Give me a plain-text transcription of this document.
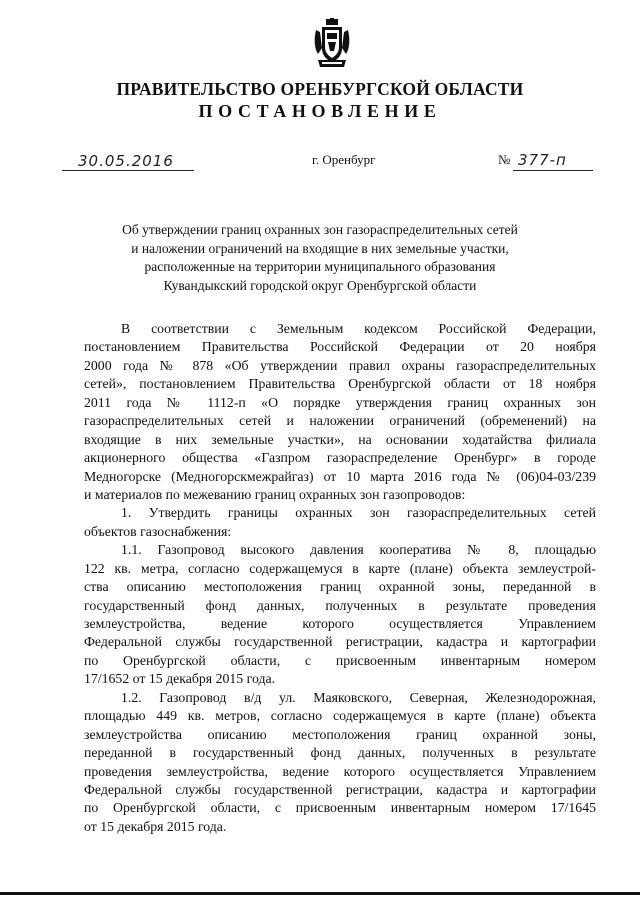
ПРАВИТЕЛЬСТВО ОРЕНБУРГСКОЙ ОБЛАСТИ
ПОСТАНОВЛЕНИЕ
30.05.2016	г. Оренбург	№ 377-п
Об утверждении границ охранных зон газораспределительных сетей
и наложении ограничений на входящие в них земельные участки,
расположенные на территории муниципального образования
Кувандыкский городской округ Оренбургской области
В соответствии с Земельным кодексом Российской Федерации,
постановлением Правительства Российской Федерации от 20 ноября
2000 года № 878 «Об утверждении правил охраны газораспределительных
сетей», постановлением Правительства Оренбургской области от 18 ноября
2011 года № 1112-п «О порядке утверждения границ охранных зон
газораспределительных сетей и наложении ограничений (обременений) на
входящие в них земельные участки», на основании ходатайства филиала
акционерного общества «Газпром газораспределение Оренбург» в городе
Медногорске (Медногорскмежрайгаз) от 10 марта 2016 года № (06)04-03/239
и материалов по межеванию границ охранных зон газопроводов:
1. Утвердить границы охранных зон газораспределительных сетей
объектов газоснабжения:
1.1. Газопровод высокого давления кооператива № 8, площадью
122 кв. метра, согласно содержащемуся в карте (плане) объекта землеустрой-
ства описанию местоположения границ охранной зоны, переданной в
государственный фонд данных, полученных в результате проведения
землеустройства, ведение которого осуществляется Управлением
Федеральной службы государственной регистрации, кадастра и картографии
по Оренбургской области, с присвоенным инвентарным номером
17/1652 от 15 декабря 2015 года.
1.2. Газопровод в/д ул. Маяковского, Северная, Железнодорожная,
площадью 449 кв. метров, согласно содержащемуся в карте (плане) объекта
землеустройства описанию местоположения границ охранной зоны,
переданной в государственный фонд данных, полученных в результате
проведения землеустройства, ведение которого осуществляется Управлением
Федеральной службы государственной регистрации, кадастра и картографии
по Оренбургской области, с присвоенным инвентарным номером 17/1645
от 15 декабря 2015 года.
